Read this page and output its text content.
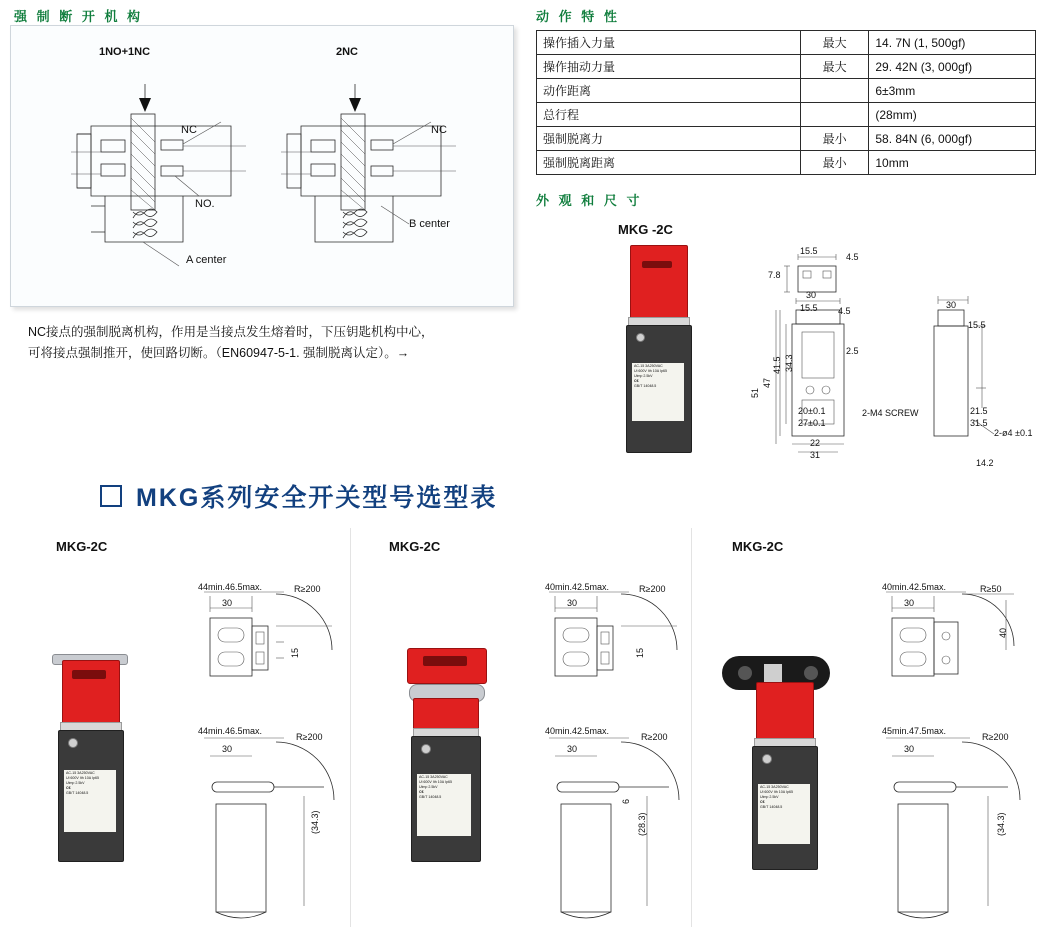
强 制 断 开 机 构
1NO+1NC	2NC
NC
NO.
A center
NC
B center
NC接点的强制脱离机构，作用是当接点发生熔着时，下压钥匙机构中心，
可将接点强制推开，使回路切断。（EN60947-5-1. 强制脱离认定）。→
动 作 特 性
操作插入力量	最大	14. 7N (1, 500gf)
操作抽动力量	最大	29. 42N (3, 000gf)
动作距离		6±3mm
总行程		(28mm)
强制脱离力	最小	58. 84N (6, 000gf)
强制脱离距离	最小	10mm
外 观 和 尺 寸
MKG -2C
AC-15 3A250VAC
Ui 600V Ith 10A Ip65
Uimp 2.5kV
C€
GB/T 14048.5
15.5
4.5
7.8
30
30
15.5 4.5
41.5 34.3
2.5
15.5
47
51
20±0.1
27±0.1
2-M4 SCREW	21.5
31.5
22
31
2-ø4 ±0.1
14.2
MKG系列安全开关型号选型表
MKG-2C
AC-15 3A250VAC
Ui 600V Ith 10A Ip65
Uimp 2.5kV
C€
GB/T 14048.5
44min.46.5max.
30
R≥200
15
44min.46.5max.
30
R≥200
(34.3)
MKG-2C
AC-15 3A250VAC
Ui 600V Ith 10A Ip65
Uimp 2.5kV
C€
GB/T 14048.5
40min.42.5max.
30
R≥200
15
40min.42.5max.
30
R≥200
6
(28.3)
MKG-2C
AC-15 3A250VAC
Ui 600V Ith 10A Ip65
Uimp 2.5kV
C€
GB/T 14048.5
40min.42.5max.
30
R≥50
40
45min.47.5max.
30
R≥200
(34.3)
